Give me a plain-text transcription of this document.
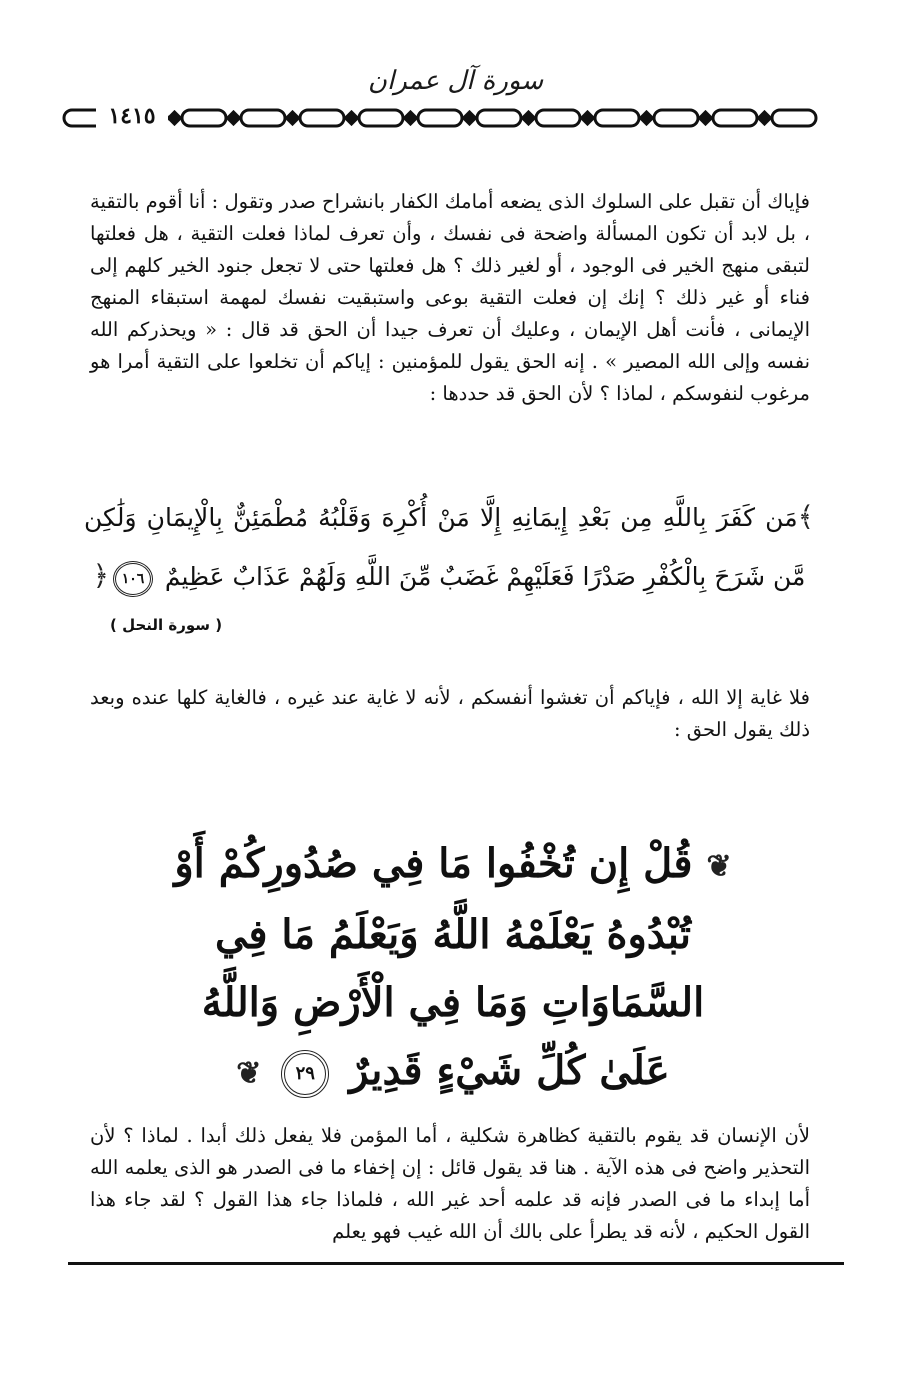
سورة آل عمران
١٤١٥

فإياك أن تقبل على السلوك الذى يضعه أمامك الكفار بانشراح صدر وتقول : أنا أقوم بالتقية ، بل لابد أن تكون المسألة واضحة فى نفسك ، وأن تعرف لماذا فعلت التقية ، هل فعلتها لتبقى منهج الخير فى الوجود ، أو لغير ذلك ؟ هل فعلتها حتى لا تجعل جنود الخير كلهم إلى فناء أو غير ذلك ؟ إنك إن فعلت التقية بوعى واستبقيت نفسك لمهمة استبقاء المنهج الإيمانى ، فأنت أهل الإيمان ، وعليك أن تعرف جيدا أن الحق قد قال : « ويحذركم الله نفسه وإلى الله المصير » . إنه الحق يقول للمؤمنين : إياكم أن تخلعوا على التقية أمرا هو مرغوب لنفوسكم ، لماذا ؟ لأن الحق قد حددها :

﴾مَن كَفَرَ بِاللَّهِ مِن بَعْدِ إِيمَانِهِ إِلَّا مَنْ أُكْرِهَ وَقَلْبُهُ مُطْمَئِنٌّ بِالْإِيمَانِ وَلَٰكِن مَّن شَرَحَ بِالْكُفْرِ صَدْرًا فَعَلَيْهِمْ غَضَبٌ مِّنَ اللَّهِ وَلَهُمْ عَذَابٌ عَظِيمٌ ١٠٦﴿
( سورة النحل )

فلا غاية إلا الله ، فإياكم أن تغشوا أنفسكم ، لأنه لا غاية عند غيره ، فالغاية كلها عنده وبعد ذلك يقول الحق :

❦ قُلْ إِن تُخْفُوا مَا فِي صُدُورِكُمْ أَوْ تُبْدُوهُ يَعْلَمْهُ اللَّهُ وَيَعْلَمُ مَا فِي السَّمَاوَاتِ وَمَا فِي الْأَرْضِ وَاللَّهُ عَلَىٰ كُلِّ شَيْءٍ قَدِيرٌ ٢٩ ❦

لأن الإنسان قد يقوم بالتقية كظاهرة شكلية ، أما المؤمن فلا يفعل ذلك أبدا . لماذا ؟ لأن التحذير واضح فى هذه الآية . هنا قد يقول قائل : إن إخفاء ما فى الصدر هو الذى يعلمه الله أما إبداء ما فى الصدر فإنه قد علمه أحد غير الله ، فلماذا جاء هذا القول ؟ لقد جاء هذا القول الحكيم ، لأنه قد يطرأ على بالك أن الله غيب فهو يعلم
